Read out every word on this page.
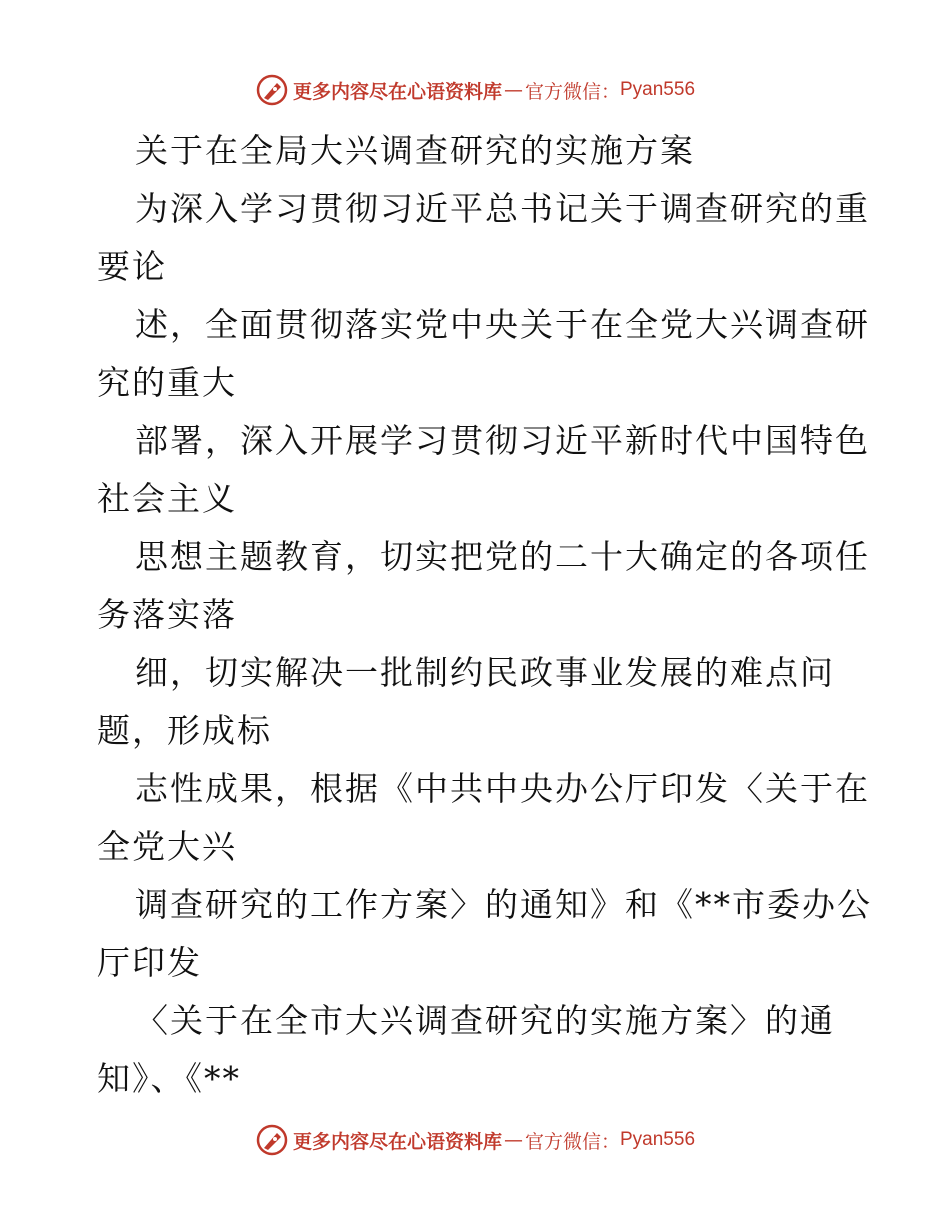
更多内容尽在心语资料库 — 官方微信： Pyan556
关于在全局大兴调查研究的实施方案
为深入学习贯彻习近平总书记关于调查研究的重
要论
述，全面贯彻落实党中央关于在全党大兴调查研
究的重大
部署，深入开展学习贯彻习近平新时代中国特色
社会主义
思想主题教育，切实把党的二十大确定的各项任
务落实落
细，切实解决一批制约民政事业发展的难点问
题，形成标
志性成果，根据《中共中央办公厅印发〈关于在
全党大兴
调查研究的工作方案〉的通知》和《**市委办公
厅印发
〈关于在全市大兴调查研究的实施方案〉的通
知》、《**
更多内容尽在心语资料库 — 官方微信： Pyan556
